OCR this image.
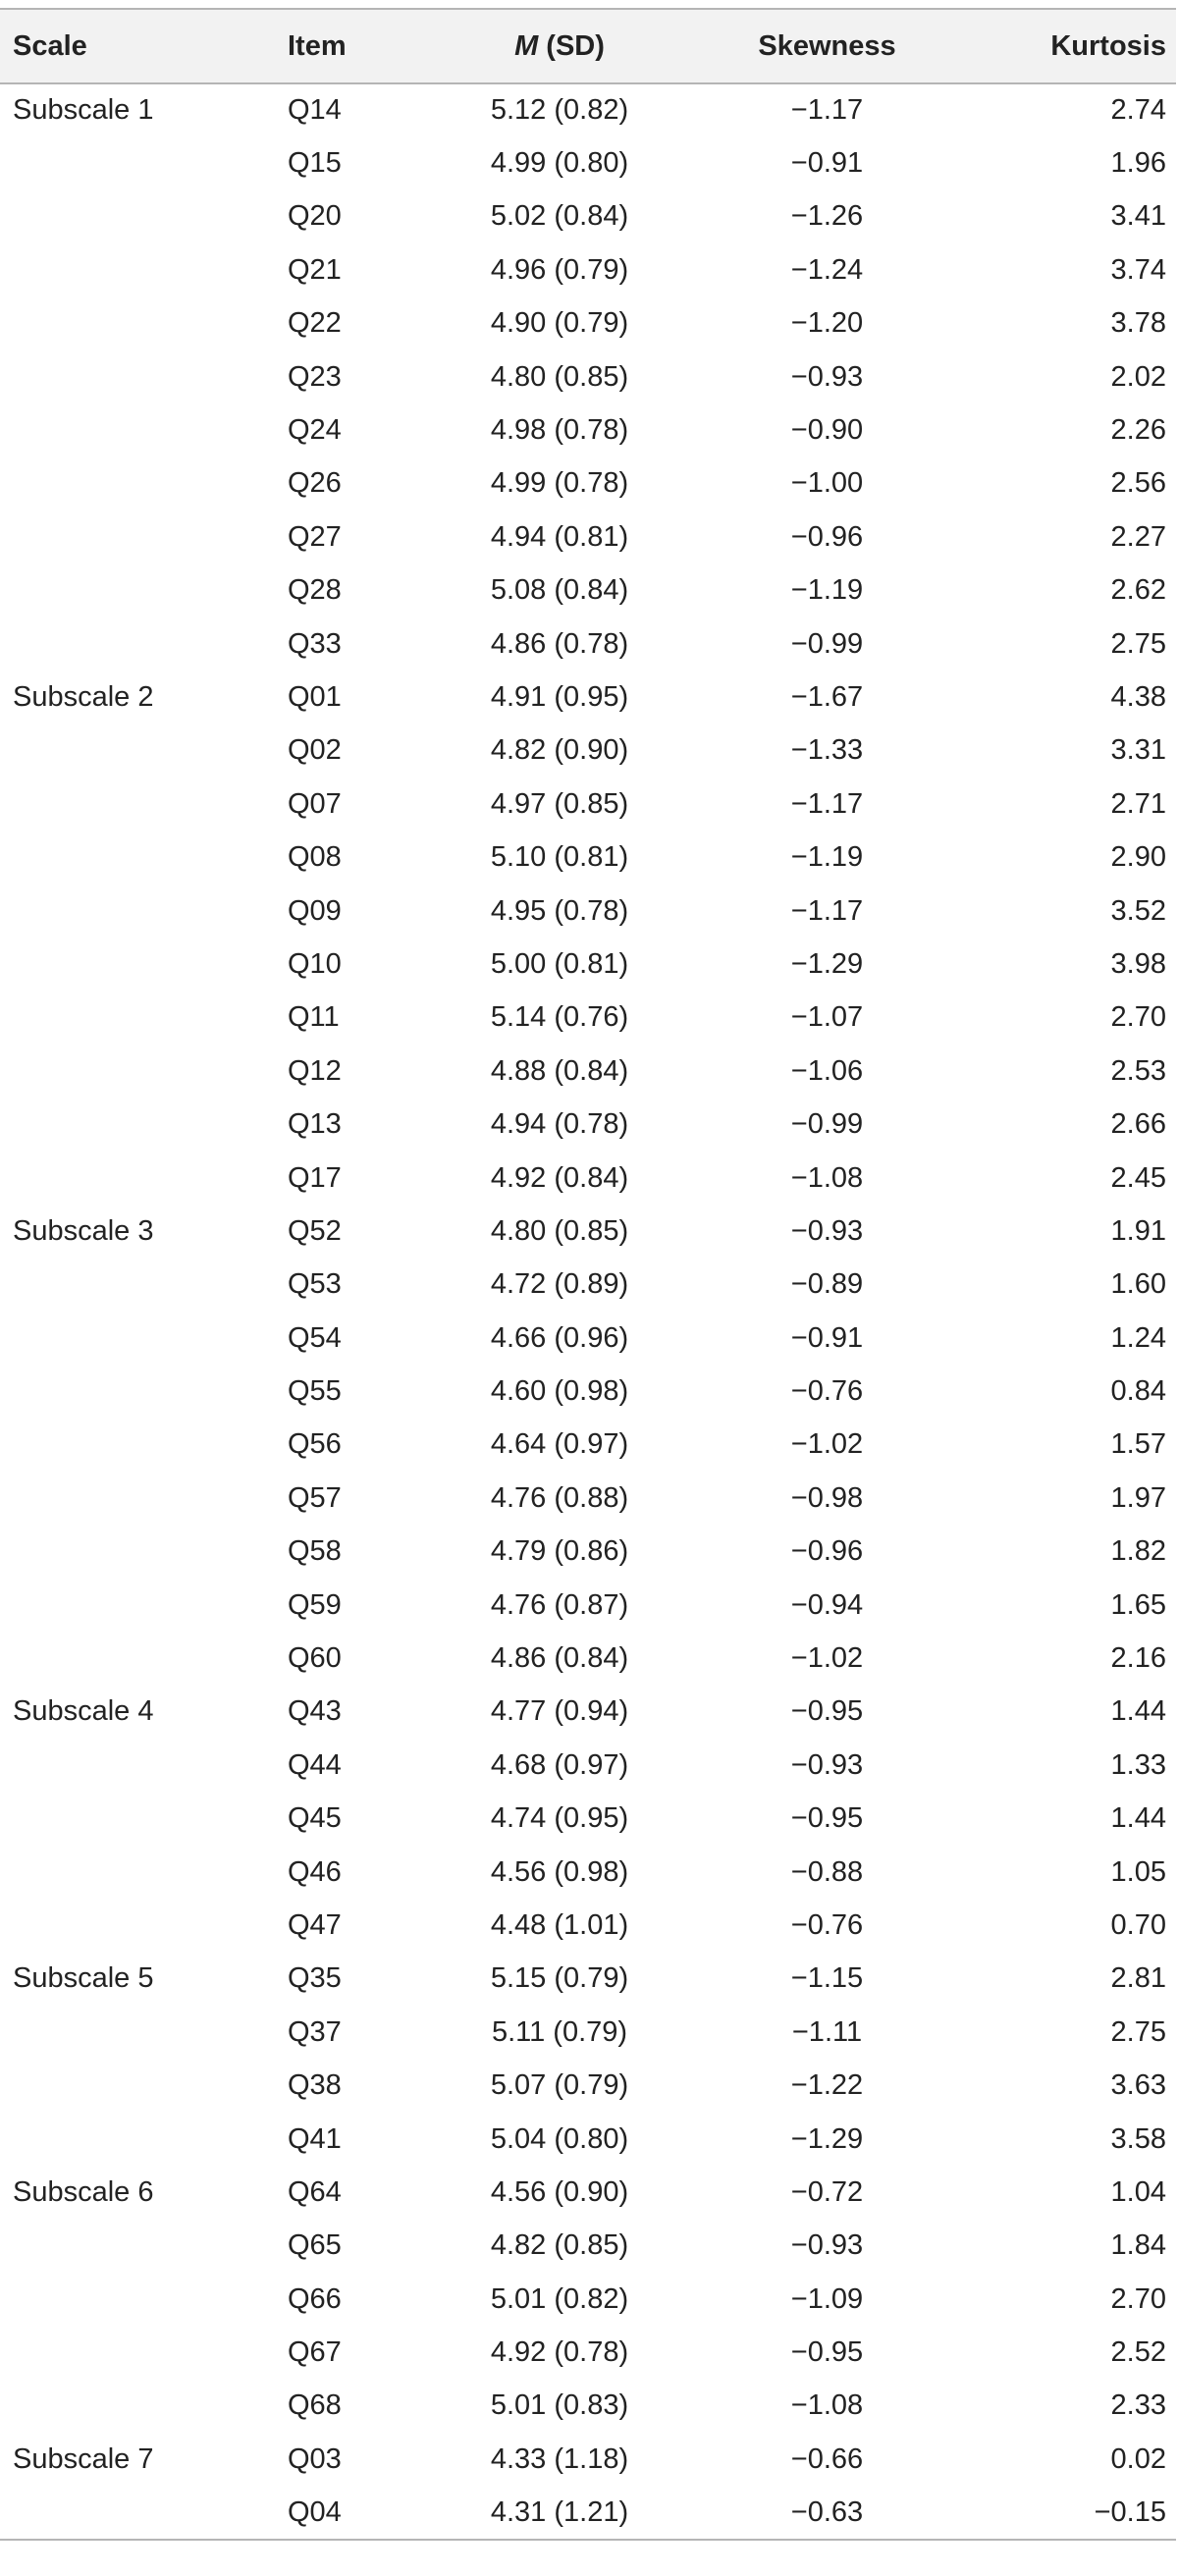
Scale	Item	M (SD)	Skewness	Kurtosis
Subscale 1	Q14	5.12 (0.82)	−1.17	2.74
	Q15	4.99 (0.80)	−0.91	1.96
	Q20	5.02 (0.84)	−1.26	3.41
	Q21	4.96 (0.79)	−1.24	3.74
	Q22	4.90 (0.79)	−1.20	3.78
	Q23	4.80 (0.85)	−0.93	2.02
	Q24	4.98 (0.78)	−0.90	2.26
	Q26	4.99 (0.78)	−1.00	2.56
	Q27	4.94 (0.81)	−0.96	2.27
	Q28	5.08 (0.84)	−1.19	2.62
	Q33	4.86 (0.78)	−0.99	2.75
Subscale 2	Q01	4.91 (0.95)	−1.67	4.38
	Q02	4.82 (0.90)	−1.33	3.31
	Q07	4.97 (0.85)	−1.17	2.71
	Q08	5.10 (0.81)	−1.19	2.90
	Q09	4.95 (0.78)	−1.17	3.52
	Q10	5.00 (0.81)	−1.29	3.98
	Q11	5.14 (0.76)	−1.07	2.70
	Q12	4.88 (0.84)	−1.06	2.53
	Q13	4.94 (0.78)	−0.99	2.66
	Q17	4.92 (0.84)	−1.08	2.45
Subscale 3	Q52	4.80 (0.85)	−0.93	1.91
	Q53	4.72 (0.89)	−0.89	1.60
	Q54	4.66 (0.96)	−0.91	1.24
	Q55	4.60 (0.98)	−0.76	0.84
	Q56	4.64 (0.97)	−1.02	1.57
	Q57	4.76 (0.88)	−0.98	1.97
	Q58	4.79 (0.86)	−0.96	1.82
	Q59	4.76 (0.87)	−0.94	1.65
	Q60	4.86 (0.84)	−1.02	2.16
Subscale 4	Q43	4.77 (0.94)	−0.95	1.44
	Q44	4.68 (0.97)	−0.93	1.33
	Q45	4.74 (0.95)	−0.95	1.44
	Q46	4.56 (0.98)	−0.88	1.05
	Q47	4.48 (1.01)	−0.76	0.70
Subscale 5	Q35	5.15 (0.79)	−1.15	2.81
	Q37	5.11 (0.79)	−1.11	2.75
	Q38	5.07 (0.79)	−1.22	3.63
	Q41	5.04 (0.80)	−1.29	3.58
Subscale 6	Q64	4.56 (0.90)	−0.72	1.04
	Q65	4.82 (0.85)	−0.93	1.84
	Q66	5.01 (0.82)	−1.09	2.70
	Q67	4.92 (0.78)	−0.95	2.52
	Q68	5.01 (0.83)	−1.08	2.33
Subscale 7	Q03	4.33 (1.18)	−0.66	0.02
	Q04	4.31 (1.21)	−0.63	−0.15
